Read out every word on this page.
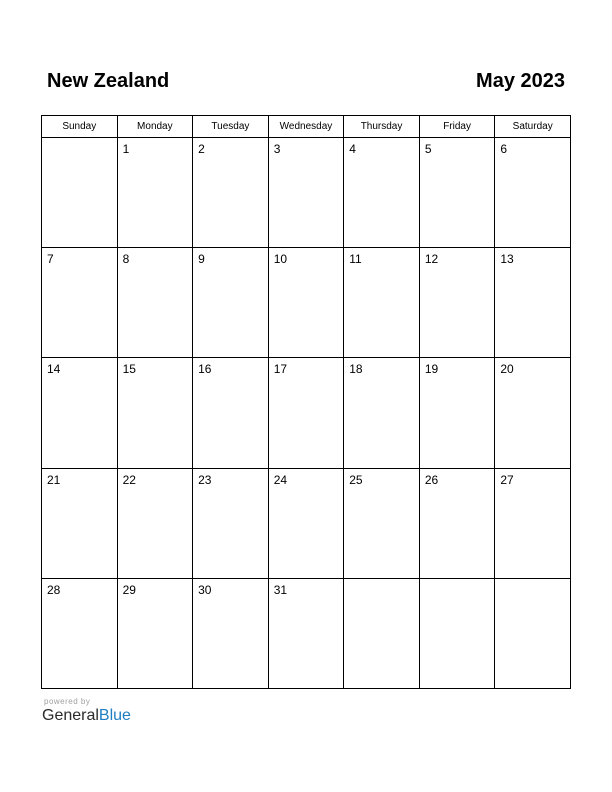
New Zealand	May 2023
Sunday	Monday	Tuesday	Wednesday	Thursday	Friday	Saturday

	1	2	3	4	5	6

7	8	9	10	11	12	13

14	15	16	17	18	19	20

21	22	23	24	25	26	27

28	29	30	31			

powered by
GeneralBlue
